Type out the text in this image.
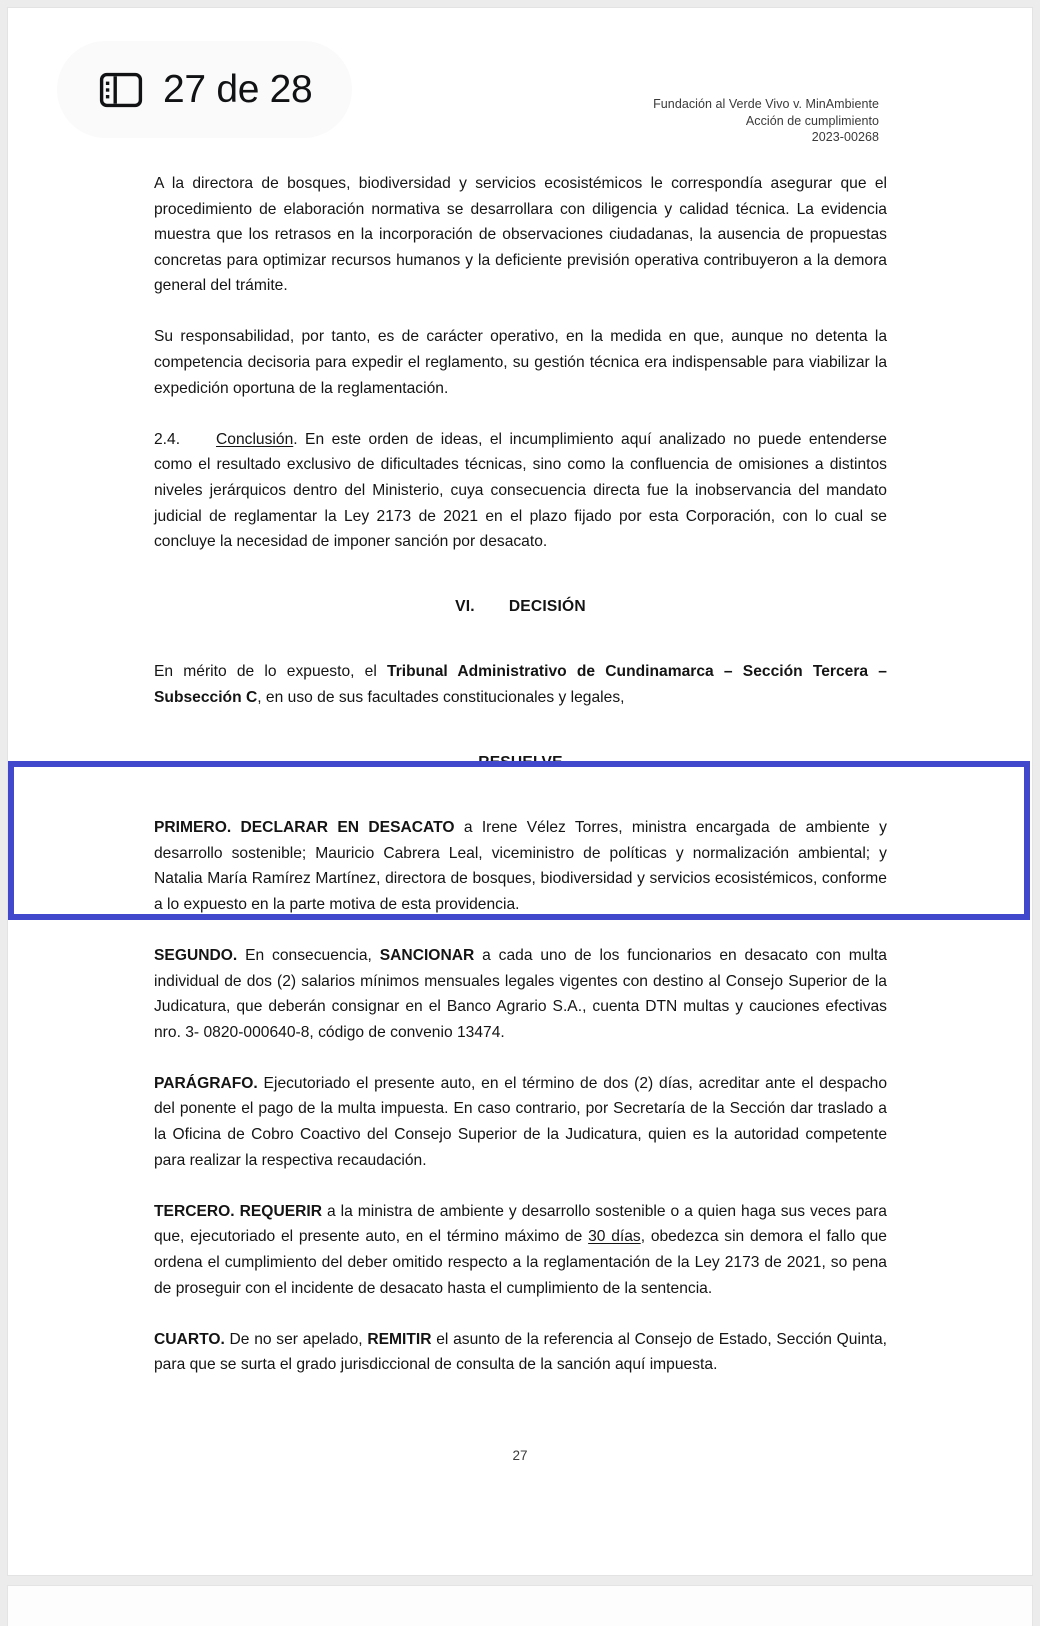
Fundación al Verde Vivo v. MinAmbiente
Acción de cumplimiento
2023-00268

A la directora de bosques, biodiversidad y servicios ecosistémicos le correspondía asegurar que el procedimiento de elaboración normativa se desarrollara con diligencia y calidad técnica. La evidencia muestra que los retrasos en la incorporación de observaciones ciudadanas, la ausencia de propuestas concretas para optimizar recursos humanos y la deficiente previsión operativa contribuyeron a la demora general del trámite.

Su responsabilidad, por tanto, es de carácter operativo, en la medida en que, aunque no detenta la competencia decisoria para expedir el reglamento, su gestión técnica era indispensable para viabilizar la expedición oportuna de la reglamentación.

2.4. Conclusión. En este orden de ideas, el incumplimiento aquí analizado no puede entenderse como el resultado exclusivo de dificultades técnicas, sino como la confluencia de omisiones a distintos niveles jerárquicos dentro del Ministerio, cuya consecuencia directa fue la inobservancia del mandato judicial de reglamentar la Ley 2173 de 2021 en el plazo fijado por esta Corporación, con lo cual se concluye la necesidad de imponer sanción por desacato.

VI. DECISIÓN

En mérito de lo expuesto, el Tribunal Administrativo de Cundinamarca – Sección Tercera – Subsección C, en uso de sus facultades constitucionales y legales,

RESUELVE

PRIMERO. DECLARAR EN DESACATO a Irene Vélez Torres, ministra encargada de ambiente y desarrollo sostenible; Mauricio Cabrera Leal, viceministro de políticas y normalización ambiental; y Natalia María Ramírez Martínez, directora de bosques, biodiversidad y servicios ecosistémicos, conforme a lo expuesto en la parte motiva de esta providencia.

SEGUNDO. En consecuencia, SANCIONAR a cada uno de los funcionarios en desacato con multa individual de dos (2) salarios mínimos mensuales legales vigentes con destino al Consejo Superior de la Judicatura, que deberán consignar en el Banco Agrario S.A., cuenta DTN multas y cauciones efectivas nro. 3- 0820-000640-8, código de convenio 13474.

PARÁGRAFO. Ejecutoriado el presente auto, en el término de dos (2) días, acreditar ante el despacho del ponente el pago de la multa impuesta. En caso contrario, por Secretaría de la Sección dar traslado a la Oficina de Cobro Coactivo del Consejo Superior de la Judicatura, quien es la autoridad competente para realizar la respectiva recaudación.

TERCERO. REQUERIR a la ministra de ambiente y desarrollo sostenible o a quien haga sus veces para que, ejecutoriado el presente auto, en el término máximo de 30 días, obedezca sin demora el fallo que ordena el cumplimiento del deber omitido respecto a la reglamentación de la Ley 2173 de 2021, so pena de proseguir con el incidente de desacato hasta el cumplimiento de la sentencia.

CUARTO. De no ser apelado, REMITIR el asunto de la referencia al Consejo de Estado, Sección Quinta, para que se surta el grado jurisdiccional de consulta de la sanción aquí impuesta.

27
27 de 28
